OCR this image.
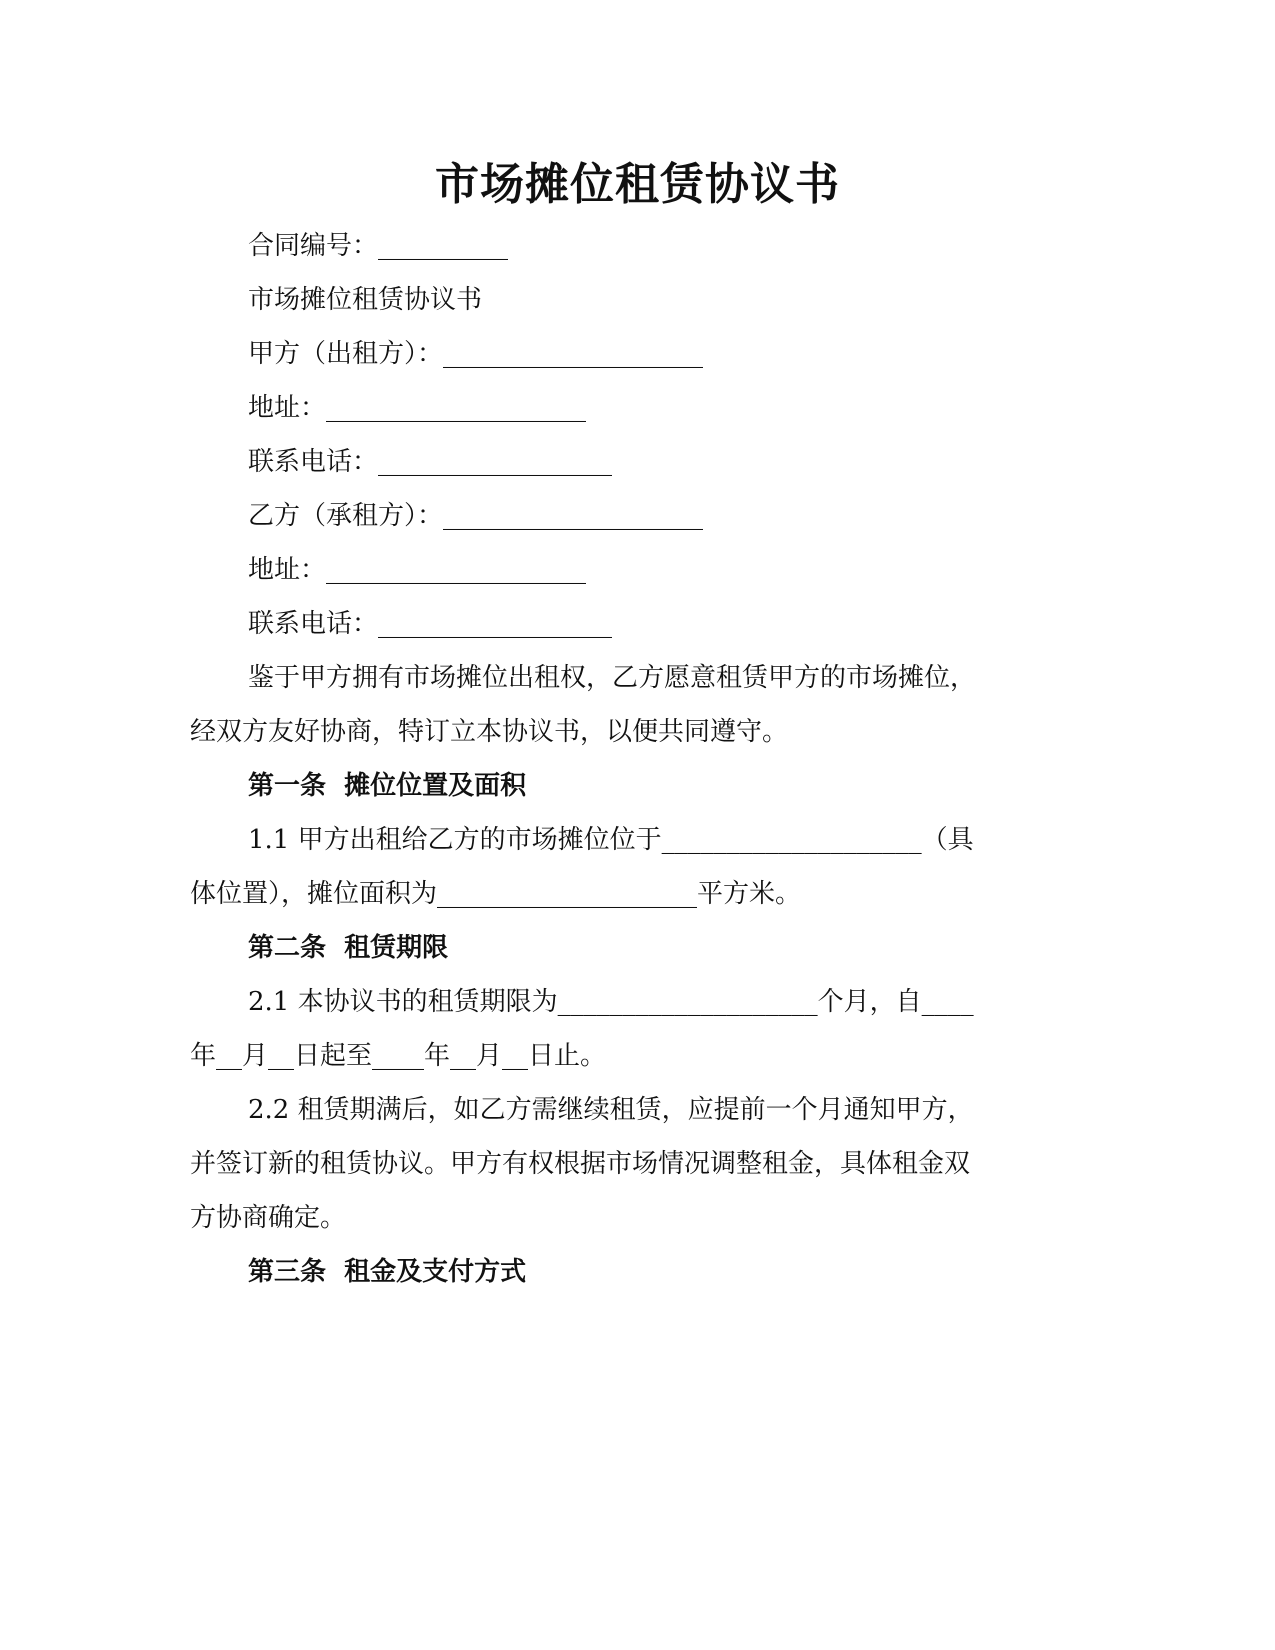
市场摊位租赁协议书
合同编号：__________
市场摊位租赁协议书
甲方（出租方）：____________________
地址：____________________
联系电话：__________________
乙方（承租方）：____________________
地址：____________________
联系电话：__________________
鉴于甲方拥有市场摊位出租权，乙方愿意租赁甲方的市场摊位，
经双方友好协商，特订立本协议书，以便共同遵守。
第一条  摊位位置及面积
1.1 甲方出租给乙方的市场摊位位于____________________（具
体位置），摊位面积为____________________平方米。
第二条  租赁期限
2.1 本协议书的租赁期限为____________________个月，自____
年__月__日起至____年__月__日止。
2.2 租赁期满后，如乙方需继续租赁，应提前一个月通知甲方，
并签订新的租赁协议。甲方有权根据市场情况调整租金，具体租金双
方协商确定。
第三条  租金及支付方式
